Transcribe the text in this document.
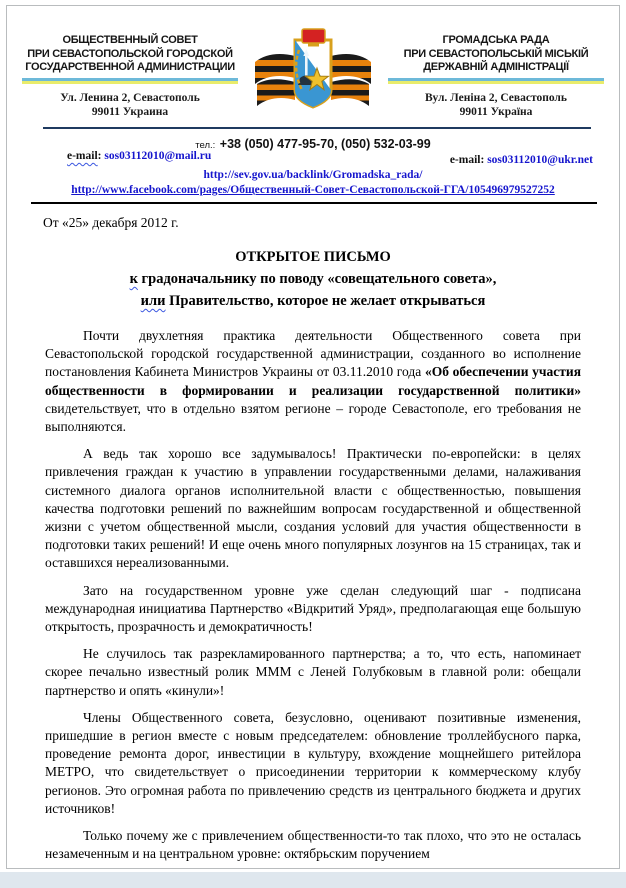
ОБЩЕСТВЕННЫЙ СОВЕТ
ПРИ СЕВАСТОПОЛЬСКОЙ ГОРОДСКОЙ
ГОСУДАРСТВЕННОЙ АДМИНИСТРАЦИИ
Ул. Ленина 2, Севастополь
99011 Украина
ГРОМАДСЬКА РАДА
ПРИ СЕВАСТОПОЛЬСЬКІЙ МІСЬКІЙ
ДЕРЖАВНІЙ АДМІНІСТРАЦІЇ
Вул. Леніна 2, Севастополь
99011 Україна
тел.: +38 (050) 477-95-70, (050) 532-03-99
e-mail: sos03112010@mail.ru	e-mail: sos03112010@ukr.net
http://sev.gov.ua/backlink/Gromadska_rada/
http://www.facebook.com/pages/Общественный-Совет-Севастопольской-ГГА/105496979527252
От «25» декабря 2012 г.
ОТКРЫТОЕ ПИСЬМО
к градоначальнику по поводу «совещательного совета»,
или Правительство, которое не желает открываться

Почти двухлетняя практика деятельности Общественного совета при Севастопольской городской государственной администрации, созданного во исполнение постановления Кабинета Министров Украины от 03.11.2010 года «Об обеспечении участия общественности в формировании и реализации государственной политики» свидетельствует, что в отдельно взятом регионе – городе Севастополе, его требования не выполняются.

А ведь так хорошо все задумывалось! Практически по-европейски: в целях привлечения граждан к участию в управлении государственными делами, налаживания системного диалога органов исполнительной власти с общественностью, повышения качества подготовки решений по важнейшим вопросам государственной и общественной жизни с учетом общественной мысли, создания условий для участия общественности в подготовки таких решений! И еще очень много популярных лозунгов на 15 страницах, так и оставшихся нереализованными.

Зато на государственном уровне уже сделан следующий шаг - подписана международная инициатива Партнерство «Відкритий Уряд», предполагающая еще большую открытость, прозрачность и демократичность!

Не случилось так разрекламированного партнерства; а то, что есть, напоминает скорее печально известный ролик МММ с Леней Голубковым в главной роли: обещали партнерство и опять «кинули»!

Члены Общественного совета, безусловно, оценивают позитивные изменения, пришедшие в регион вместе с новым председателем: обновление троллейбусного парка, проведение ремонта дорог, инвестиции в культуру, вхождение мощнейшего ритейлора МЕТРО, что свидетельствует о присоединении территории к коммерческому клубу регионов. Это огромная работа по привлечению средств из центрального бюджета и других источников!

Только почему же с привлечением общественности-то так плохо, что это не осталась незамеченным и на центральном уровне: октябрьским поручением
